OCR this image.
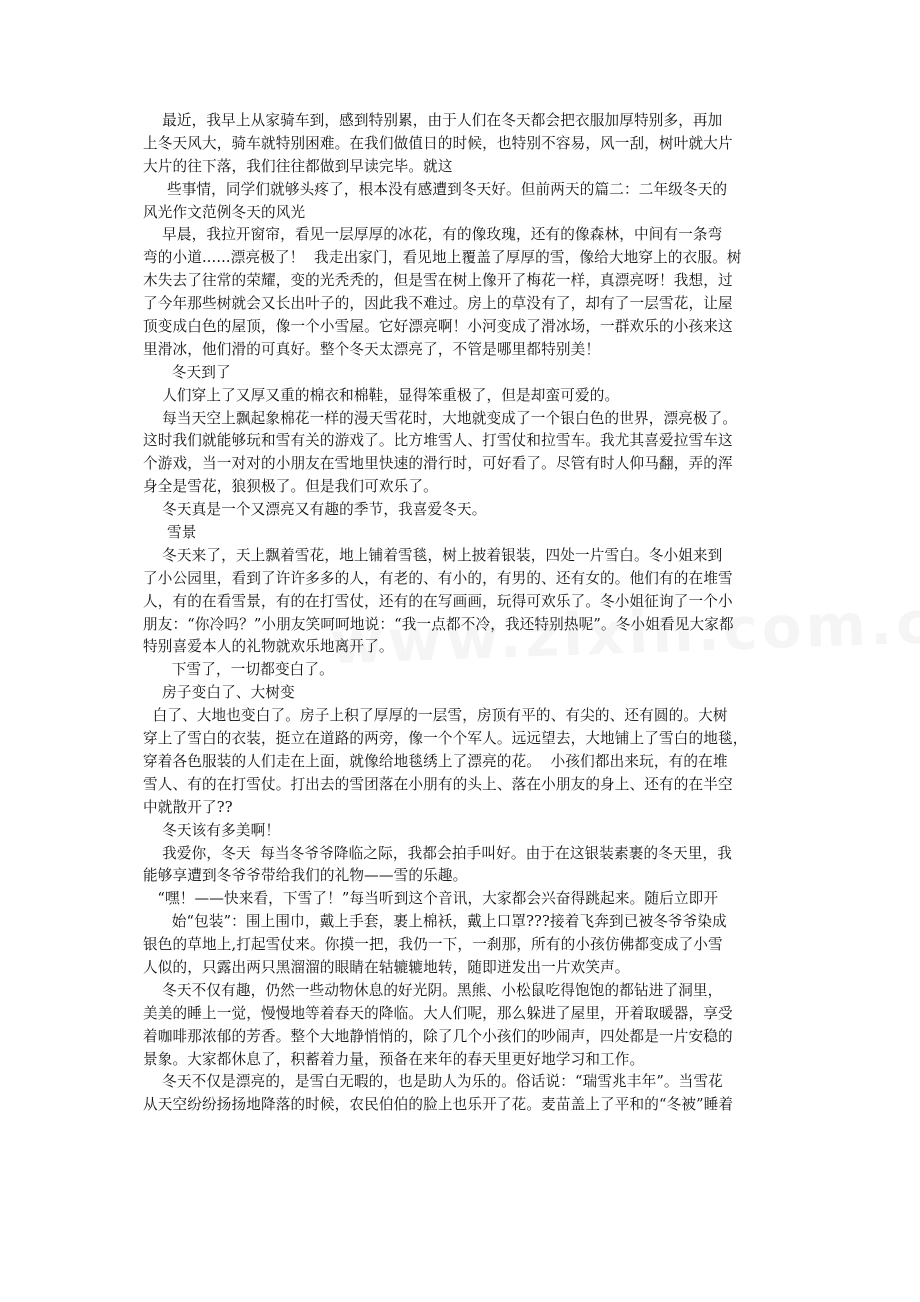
最近，我早上从家骑车到，感到特别累，由于人们在冬天都会把衣服加厚特别多，再加
上冬天风大，骑车就特别困难。在我们做值日的时候，也特别不容易，风一刮，树叶就大片
大片的往下落，我们往往都做到早读完毕。就这
些事情，同学们就够头疼了，根本没有感遭到冬天好。但前两天的篇二：二年级冬天的
风光作文范例冬天的风光
早晨，我拉开窗帘，看见一层厚厚的冰花，有的像玫瑰，还有的像森林，中间有一条弯
弯的小道......漂亮极了！  我走出家门，看见地上覆盖了厚厚的雪，像给大地穿上的衣服。树
木失去了往常的荣耀，变的光秃秃的，但是雪在树上像开了梅花一样，真漂亮呀！我想，过
了今年那些树就会又长出叶子的，因此我不难过。房上的草没有了，却有了一层雪花，让屋
顶变成白色的屋顶，像一个小雪屋。它好漂亮啊！小河变成了滑冰场，一群欢乐的小孩来这
里滑冰，他们滑的可真好。整个冬天太漂亮了，不管是哪里都特别美！
冬天到了
人们穿上了又厚又重的棉衣和棉鞋，显得笨重极了，但是却蛮可爱的。
每当天空上飘起象棉花一样的漫天雪花时，大地就变成了一个银白色的世界，漂亮极了。
这时我们就能够玩和雪有关的游戏了。比方堆雪人、打雪仗和拉雪车。我尤其喜爱拉雪车这
个游戏，当一对对的小朋友在雪地里快速的滑行时，可好看了。尽管有时人仰马翻，弄的浑
身全是雪花，狼狈极了。但是我们可欢乐了。
冬天真是一个又漂亮又有趣的季节，我喜爱冬天。
雪景
冬天来了，天上飘着雪花，地上铺着雪毯，树上披着银装，四处一片雪白。冬小姐来到
了小公园里，看到了许许多多的人，有老的、有小的，有男的、还有女的。他们有的在堆雪
人，有的在看雪景，有的在打雪仗，还有的在写画画，玩得可欢乐了。冬小姐征询了一个小
朋友：“你冷吗？”小朋友笑呵呵地说：“我一点都不冷，我还特别热呢”。冬小姐看见大家都
特别喜爱本人的礼物就欢乐地离开了。
下雪了，一切都变白了。
房子变白了、大树变
白了、大地也变白了。房子上积了厚厚的一层雪，房顶有平的、有尖的、还有圆的。大树
穿上了雪白的衣装，挺立在道路的两旁，像一个个军人。远远望去，大地铺上了雪白的地毯，
穿着各色服装的人们走在上面，就像给地毯绣上了漂亮的花。  小孩们都出来玩，有的在堆
雪人、有的在打雪仗。打出去的雪团落在小朋有的头上、落在小朋友的身上、还有的在半空
中就散开了??
冬天该有多美啊！
我爱你，冬天  每当冬爷爷降临之际，我都会拍手叫好。由于在这银装素裹的冬天里，我
能够享遭到冬爷爷带给我们的礼物——雪的乐趣。
“嘿！——快来看，下雪了！”每当听到这个音讯，大家都会兴奋得跳起来。随后立即开
始“包装”：围上围巾，戴上手套，裹上棉袄，戴上口罩???接着飞奔到已被冬爷爷染成
银色的草地上,打起雪仗来。你摸一把，我仍一下，一刹那，所有的小孩仿佛都变成了小雪
人似的，只露出两只黑溜溜的眼睛在轱辘辘地转，随即迸发出一片欢笑声。
冬天不仅有趣，仍然一些动物休息的好光阴。黑熊、小松鼠吃得饱饱的都钻进了洞里，
美美的睡上一觉，慢慢地等着春天的降临。大人们呢，那么躲进了屋里，开着取暖器，享受
着咖啡那浓郁的芳香。整个大地静悄悄的，除了几个小孩们的吵闹声，四处都是一片安稳的
景象。大家都休息了，积蓄着力量，预备在来年的春天里更好地学习和工作。
冬天不仅是漂亮的，是雪白无暇的，也是助人为乐的。俗话说：“瑞雪兆丰年”。当雪花
从天空纷纷扬扬地降落的时候，农民伯伯的脸上也乐开了花。麦苗盖上了平和的“冬被”睡着
